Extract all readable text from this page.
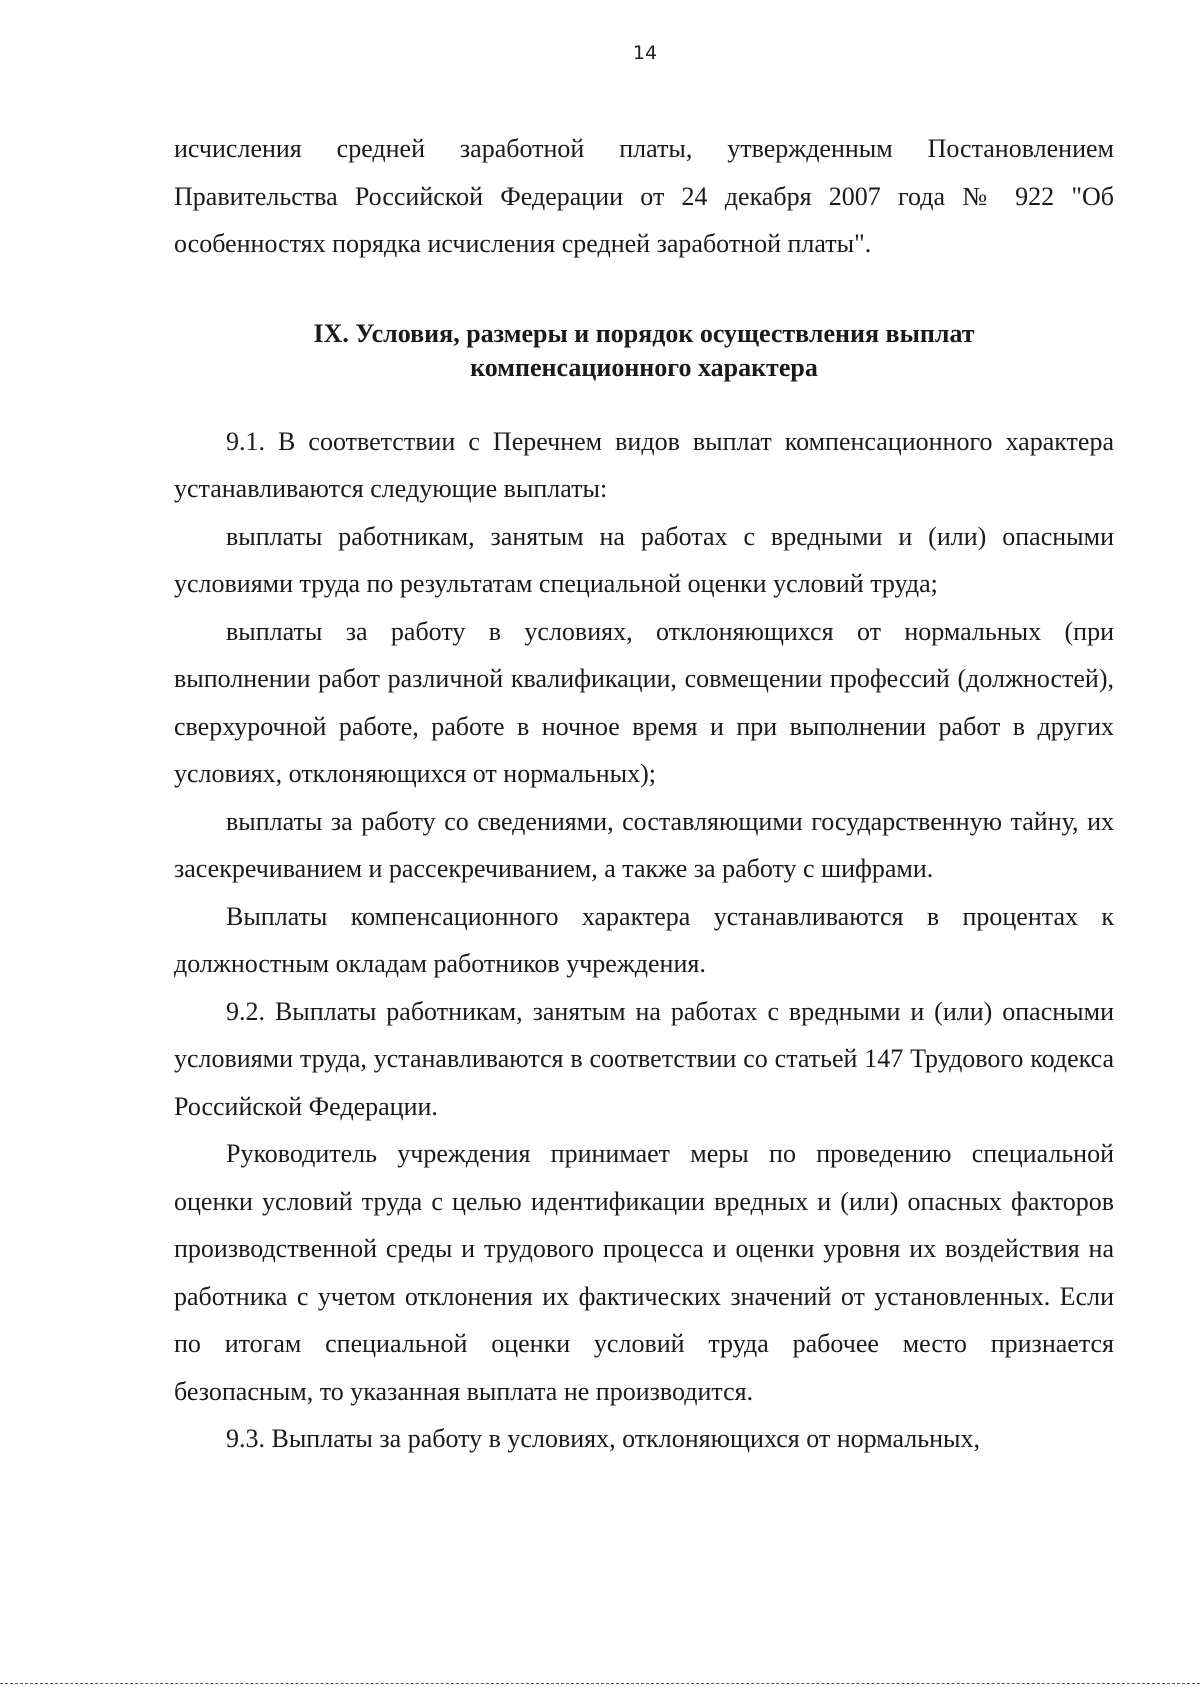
14

исчисления средней заработной платы, утвержденным Постановлением Правительства Российской Федерации от 24 декабря 2007 года № 922 "Об особенностях порядка исчисления средней заработной платы".

IX. Условия, размеры и порядок осуществления выплат
компенсационного характера

9.1. В соответствии с Перечнем видов выплат компенсационного характера устанавливаются следующие выплаты:

выплаты работникам, занятым на работах с вредными и (или) опасными условиями труда по результатам специальной оценки условий труда;

выплаты за работу в условиях, отклоняющихся от нормальных (при выполнении работ различной квалификации, совмещении профессий (должностей), сверхурочной работе, работе в ночное время и при выполнении работ в других условиях, отклоняющихся от нормальных);

выплаты за работу со сведениями, составляющими государственную тайну, их засекречиванием и рассекречиванием, а также за работу с шифрами.

Выплаты компенсационного характера устанавливаются в процентах к должностным окладам работников учреждения.

9.2. Выплаты работникам, занятым на работах с вредными и (или) опасными условиями труда, устанавливаются в соответствии со статьей 147 Трудового кодекса Российской Федерации.

Руководитель учреждения принимает меры по проведению специальной оценки условий труда с целью идентификации вредных и (или) опасных факторов производственной среды и трудового процесса и оценки уровня их воздействия на работника с учетом отклонения их фактических значений от установленных. Если по итогам специальной оценки условий труда рабочее место признается безопасным, то указанная выплата не производится.

9.3. Выплаты за работу в условиях, отклоняющихся от нормальных,
